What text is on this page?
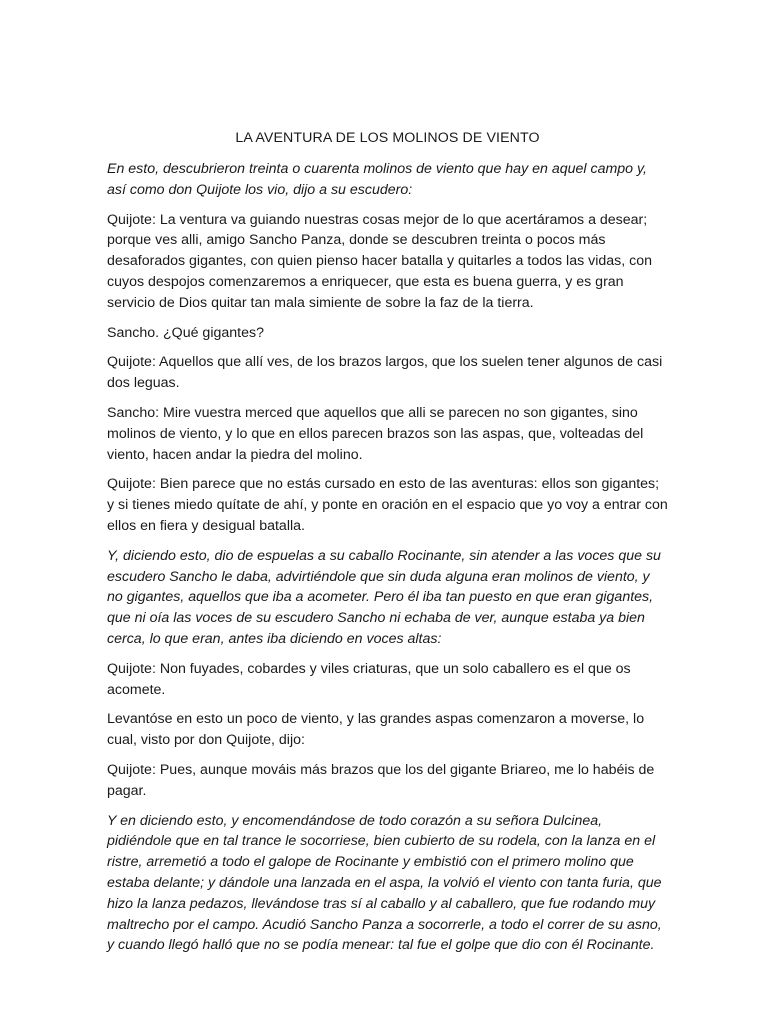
LA AVENTURA DE LOS MOLINOS DE VIENTO

En esto, descubrieron treinta o cuarenta molinos de viento que hay en aquel campo y, así como don Quijote los vio, dijo a su escudero:

Quijote: La ventura va guiando nuestras cosas mejor de lo que acertáramos a desear; porque ves alli, amigo Sancho Panza, donde se descubren treinta o pocos más desaforados gigantes, con quien pienso hacer batalla y quitarles a todos las vidas, con cuyos despojos comenzaremos a enriquecer, que esta es buena guerra, y es gran servicio de Dios quitar tan mala simiente de sobre la faz de la tierra.

Sancho. ¿Qué gigantes?

Quijote: Aquellos que allí ves, de los brazos largos, que los suelen tener algunos de casi dos leguas.

Sancho: Mire vuestra merced que aquellos que alli se parecen no son gigantes, sino molinos de viento, y lo que en ellos parecen brazos son las aspas, que, volteadas del viento, hacen andar la piedra del molino.

Quijote: Bien parece que no estás cursado en esto de las aventuras: ellos son gigantes; y si tienes miedo quítate de ahí, y ponte en oración en el espacio que yo voy a entrar con ellos en fiera y desigual batalla.

Y, diciendo esto, dio de espuelas a su caballo Rocinante, sin atender a las voces que su escudero Sancho le daba, advirtiéndole que sin duda alguna eran molinos de viento, y no gigantes, aquellos que iba a acometer. Pero él iba tan puesto en que eran gigantes, que ni oía las voces de su escudero Sancho ni echaba de ver, aunque estaba ya bien cerca, lo que eran, antes iba diciendo en voces altas:

Quijote: Non fuyades, cobardes y viles criaturas, que un solo caballero es el que os acomete.

Levantóse en esto un poco de viento, y las grandes aspas comenzaron a moverse, lo cual, visto por don Quijote, dijo:

Quijote: Pues, aunque mováis más brazos que los del gigante Briareo, me lo habéis de pagar.

Y en diciendo esto, y encomendándose de todo corazón a su señora Dulcinea, pidiéndole que en tal trance le socorriese, bien cubierto de su rodela, con la lanza en el ristre, arremetió a todo el galope de Rocinante y embistió con el primero molino que estaba delante; y dándole una lanzada en el aspa, la volvió el viento con tanta furia, que hizo la lanza pedazos, llevándose tras sí al caballo y al caballero, que fue rodando muy maltrecho por el campo. Acudió Sancho Panza a socorrerle, a todo el correr de su asno, y cuando llegó halló que no se podía menear: tal fue el golpe que dio con él Rocinante.
